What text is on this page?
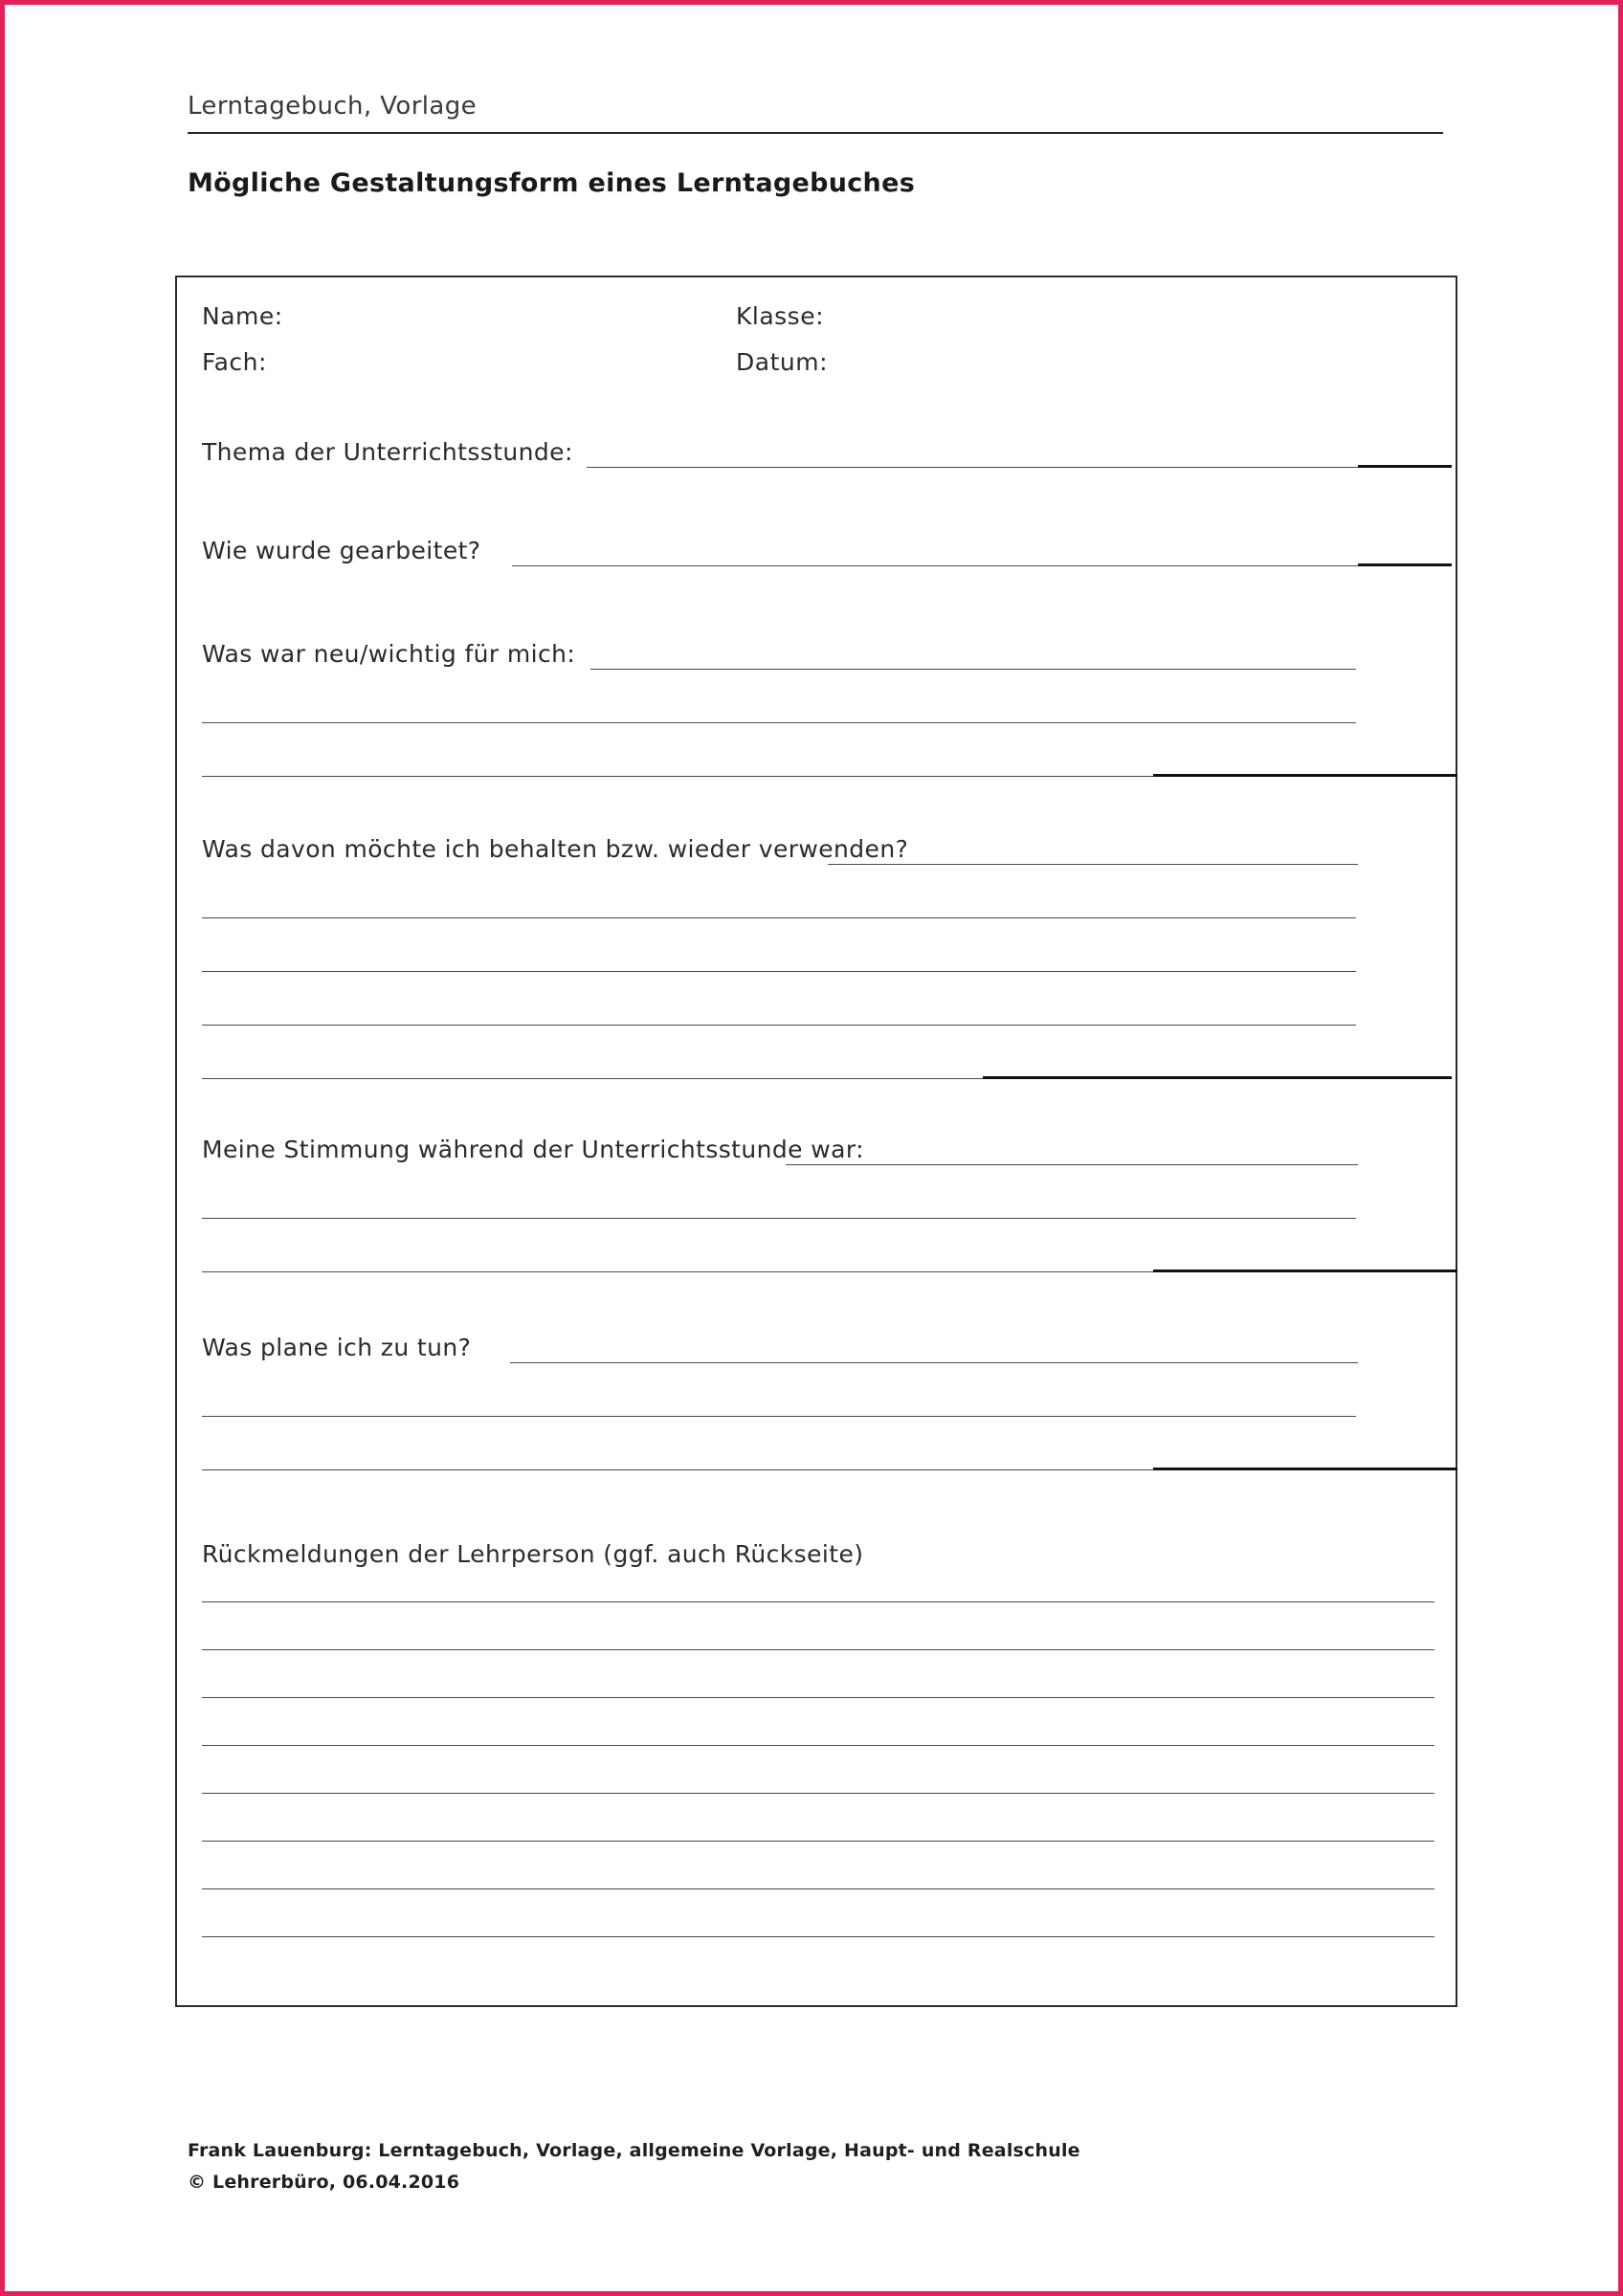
Lerntagebuch, Vorlage
Mögliche Gestaltungsform eines Lerntagebuches
Name:	Klasse:
Fach:	Datum:
Thema der Unterrichtsstunde:
Wie wurde gearbeitet?
Was war neu/wichtig für mich:
Was davon möchte ich behalten bzw. wieder verwenden?
Meine Stimmung während der Unterrichtsstunde war:
Was plane ich zu tun?
Rückmeldungen der Lehrperson (ggf. auch Rückseite)
Frank Lauenburg: Lerntagebuch, Vorlage, allgemeine Vorlage, Haupt- und Realschule
© Lehrerbüro, 06.04.2016
